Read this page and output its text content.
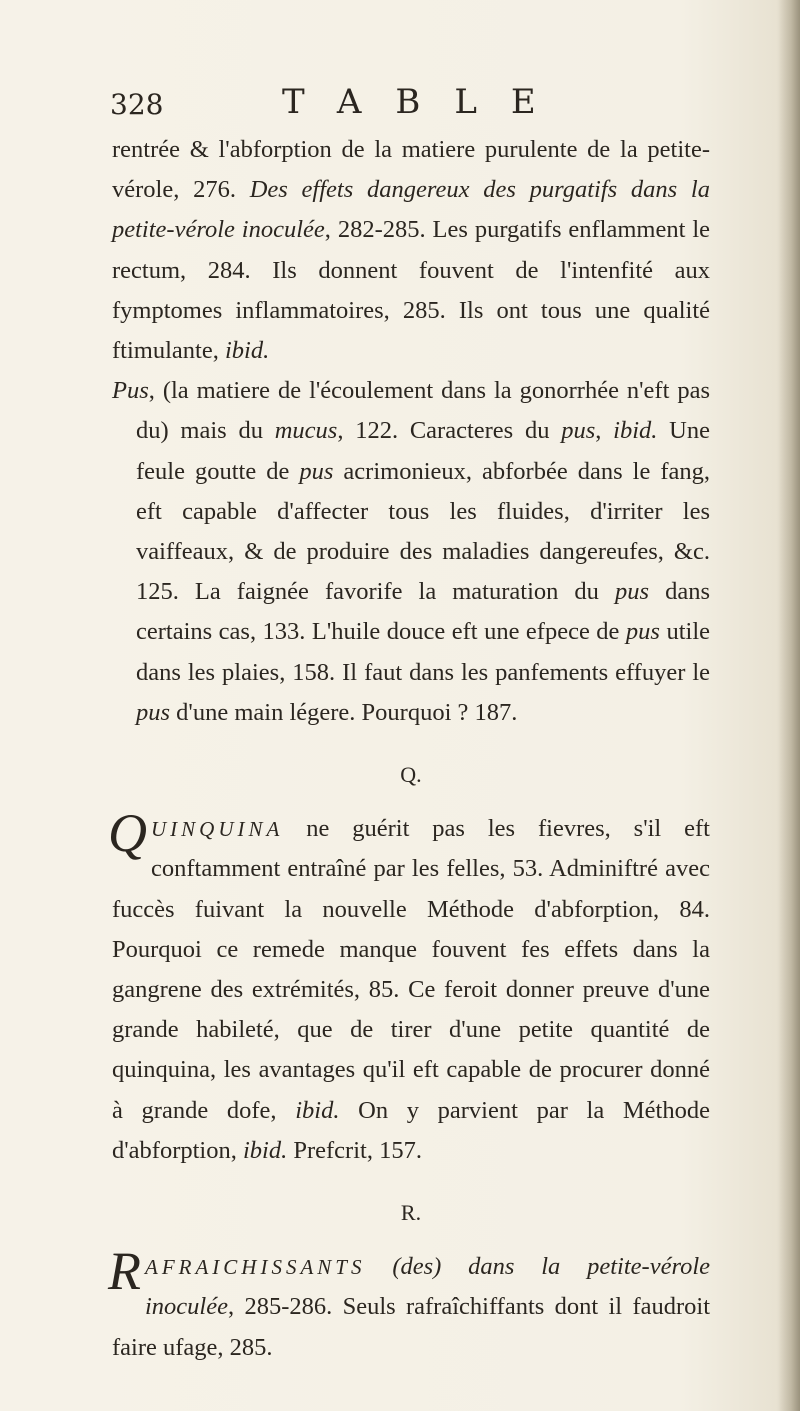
328	TABLE

rentrée & l'abforption de la matiere purulente de la petite-vérole, 276. Des effets dangereux des purgatifs dans la petite-vérole inoculée, 282-285. Les purgatifs enflamment le rectum, 284. Ils donnent fouvent de l'intenfité aux fymptomes inflammatoires, 285. Ils ont tous une qualité ftimulante, ibid.

Pus, (la matiere de l'écoulement dans la gonorrhée n'eft pas du) mais du mucus, 122. Caracteres du pus, ibid. Une feule goutte de pus acrimonieux, abforbée dans le fang, eft capable d'affecter tous les fluides, d'irriter les vaiffeaux, & de produire des maladies dangereufes, &c. 125. La faignée favorife la maturation du pus dans certains cas, 133. L'huile douce eft une efpece de pus utile dans les plaies, 158. Il faut dans les panfements effuyer le pus d'une main légere. Pourquoi ? 187.

Q.

QUINQUINA ne guérit pas les fievres, s'il eft conftamment entraîné par les felles, 53. Adminiftré avec fuccès fuivant la nouvelle Méthode d'abforption, 84. Pourquoi ce remede manque fouvent fes effets dans la gangrene des extrémités, 85. Ce feroit donner preuve d'une grande habileté, que de tirer d'une petite quantité de quinquina, les avantages qu'il eft capable de procurer donné à grande dofe, ibid. On y parvient par la Méthode d'abforption, ibid. Prefcrit, 157.

R.

RAFRAICHISSANTS (des) dans la petite-vérole inoculée, 285-286. Seuls rafraîchiffants dont il faudroit faire ufage, 285.
